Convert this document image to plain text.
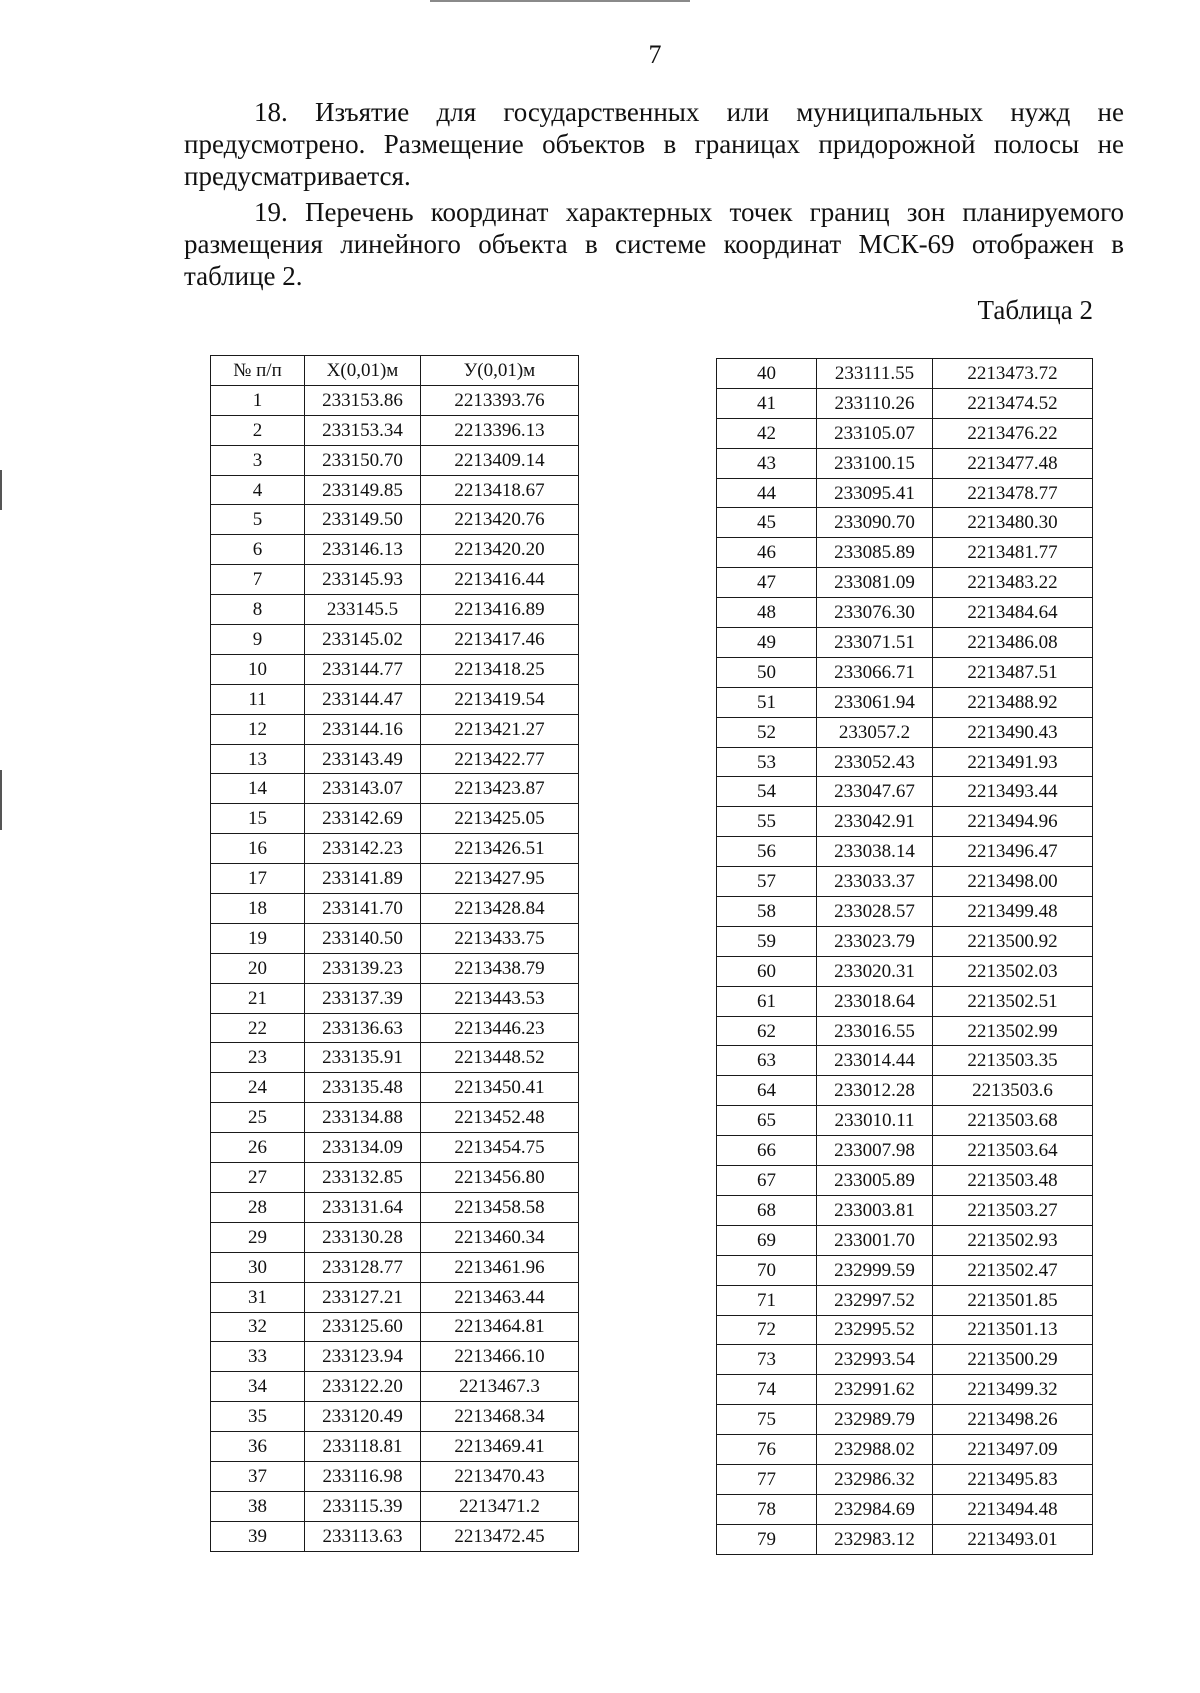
7

18. Изъятие для государственных или муниципальных нужд не предусмотрено. Размещение объектов в границах придорожной полосы не предусматривается.

19. Перечень координат характерных точек границ зон планируемого размещения линейного объекта в системе координат МСК-69 отображен в таблице 2.

Таблица 2
№ п/п	X(0,01)м	У(0,01)м
1	233153.86	2213393.76
2	233153.34	2213396.13
3	233150.70	2213409.14
4	233149.85	2213418.67
5	233149.50	2213420.76
6	233146.13	2213420.20
7	233145.93	2213416.44
8	233145.5	2213416.89
9	233145.02	2213417.46
10	233144.77	2213418.25
11	233144.47	2213419.54
12	233144.16	2213421.27
13	233143.49	2213422.77
14	233143.07	2213423.87
15	233142.69	2213425.05
16	233142.23	2213426.51
17	233141.89	2213427.95
18	233141.70	2213428.84
19	233140.50	2213433.75
20	233139.23	2213438.79
21	233137.39	2213443.53
22	233136.63	2213446.23
23	233135.91	2213448.52
24	233135.48	2213450.41
25	233134.88	2213452.48
26	233134.09	2213454.75
27	233132.85	2213456.80
28	233131.64	2213458.58
29	233130.28	2213460.34
30	233128.77	2213461.96
31	233127.21	2213463.44
32	233125.60	2213464.81
33	233123.94	2213466.10
34	233122.20	2213467.3
35	233120.49	2213468.34
36	233118.81	2213469.41
37	233116.98	2213470.43
38	233115.39	2213471.2
39	233113.63	2213472.45
40	233111.55	2213473.72
41	233110.26	2213474.52
42	233105.07	2213476.22
43	233100.15	2213477.48
44	233095.41	2213478.77
45	233090.70	2213480.30
46	233085.89	2213481.77
47	233081.09	2213483.22
48	233076.30	2213484.64
49	233071.51	2213486.08
50	233066.71	2213487.51
51	233061.94	2213488.92
52	233057.2	2213490.43
53	233052.43	2213491.93
54	233047.67	2213493.44
55	233042.91	2213494.96
56	233038.14	2213496.47
57	233033.37	2213498.00
58	233028.57	2213499.48
59	233023.79	2213500.92
60	233020.31	2213502.03
61	233018.64	2213502.51
62	233016.55	2213502.99
63	233014.44	2213503.35
64	233012.28	2213503.6
65	233010.11	2213503.68
66	233007.98	2213503.64
67	233005.89	2213503.48
68	233003.81	2213503.27
69	233001.70	2213502.93
70	232999.59	2213502.47
71	232997.52	2213501.85
72	232995.52	2213501.13
73	232993.54	2213500.29
74	232991.62	2213499.32
75	232989.79	2213498.26
76	232988.02	2213497.09
77	232986.32	2213495.83
78	232984.69	2213494.48
79	232983.12	2213493.01
